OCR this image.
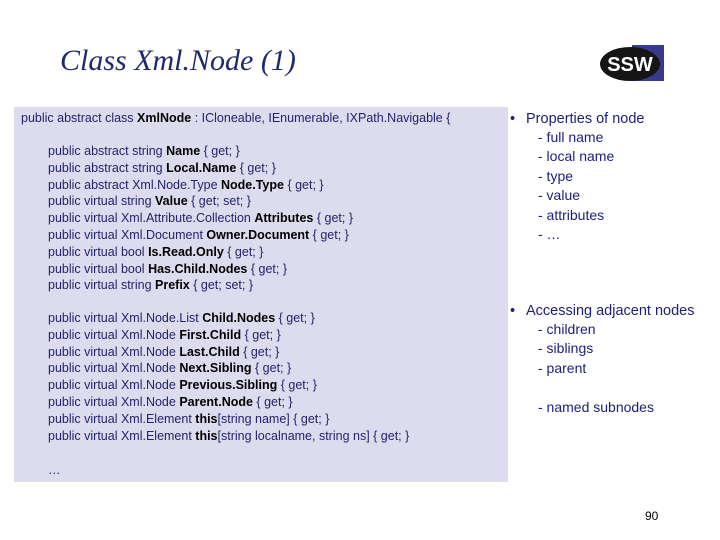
Class Xml.Node (1)	SSW
public abstract class XmlNode : ICloneable, IEnumerable, IXPath.Navigable {
public abstract string Name { get; }
public abstract string Local.Name { get; }
public abstract Xml.Node.Type Node.Type { get; }
public virtual string Value { get; set; }
public virtual Xml.Attribute.Collection Attributes { get; }
public virtual Xml.Document Owner.Document { get; }
public virtual bool Is.Read.Only { get; }
public virtual bool Has.Child.Nodes { get; }
public virtual string Prefix { get; set; }
public virtual Xml.Node.List Child.Nodes { get; }
public virtual Xml.Node First.Child { get; }
public virtual Xml.Node Last.Child { get; }
public virtual Xml.Node Next.Sibling { get; }
public virtual Xml.Node Previous.Sibling { get; }
public virtual Xml.Node Parent.Node { get; }
public virtual Xml.Element this[string name] { get; }
public virtual Xml.Element this[string localname, string ns] { get; }
…
• Properties of node
- full name
- local name
- type
- value
- attributes
- …
• Accessing adjacent nodes
- children
- siblings
- parent
- named subnodes
90
